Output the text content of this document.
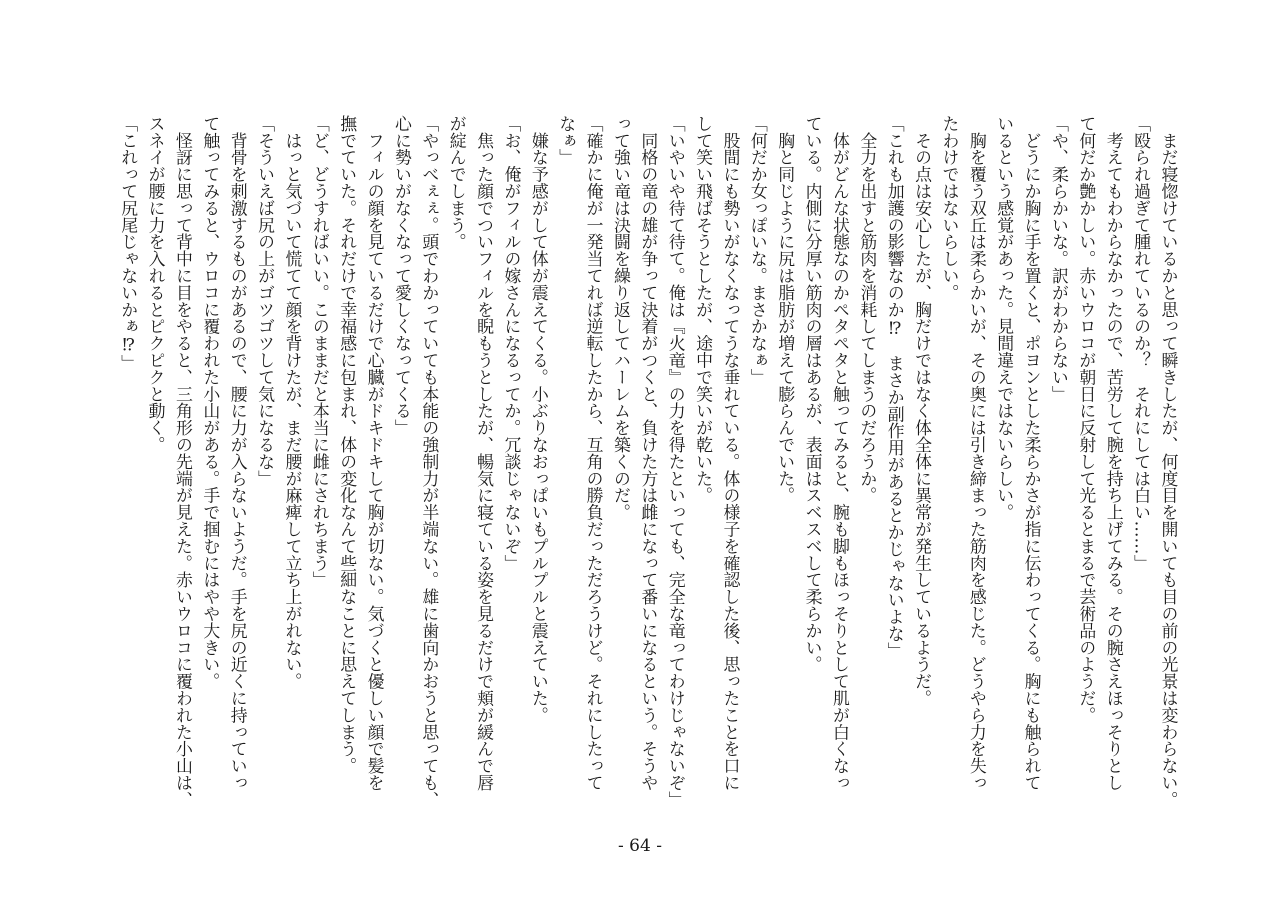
　まだ寝惚けているかと思って瞬きしたが、何度目を開いても目の前の光景は変わらない。
「殴られ過ぎて腫れているのか？　それにしては白い……」
　考えてもわからなかったので、苦労して腕を持ち上げてみる。その腕さえほっそりとし
て何だか艶かしい。赤いウロコが朝日に反射して光るとまるで芸術品のようだ。
「や、柔らかいな。訳がわからない」
　どうにか胸に手を置くと、ポヨンとした柔らかさが指に伝わってくる。胸にも触られて
いるという感覚があった。見間違えではないらしい。
　胸を覆う双丘は柔らかいが、その奥には引き締まった筋肉を感じた。どうやら力を失っ
たわけではないらしい。
　その点は安心したが、胸だけではなく体全体に異常が発生しているようだ。
「これも加護の影響なのか⁉　まさか副作用があるとかじゃないよな」
　全力を出すと筋肉を消耗してしまうのだろうか。
　体がどんな状態なのかペタペタと触ってみると、腕も脚もほっそりとして肌が白くなっ
ている。内側に分厚い筋肉の層はあるが、表面はスベスベして柔らかい。
　胸と同じように尻は脂肪が増えて膨らんでいた。
「何だか女っぽいな。まさかなぁ」
　股間にも勢いがなくなってうな垂れている。体の様子を確認した後、思ったことを口に
して笑い飛ばそうとしたが、途中で笑いが乾いた。
「いやいや待て待て。俺は『火竜』の力を得たといっても、完全な竜ってわけじゃないぞ」
　同格の竜の雄が争って決着がつくと、負けた方は雌になって番いになるという。そうや
って強い竜は決闘を繰り返してハーレムを築くのだ。
「確かに俺が一発当てれば逆転したから、互角の勝負だっただろうけど。それにしたって
なぁ」
　嫌な予感がして体が震えてくる。小ぶりなおっぱいもプルプルと震えていた。
「お、俺がフィルの嫁さんになるってか。冗談じゃないぞ」
　焦った顔でついフィルを睨もうとしたが、暢気に寝ている姿を見るだけで頬が緩んで唇
が綻んでしまう。
「やっべぇぇ。頭でわかっていても本能の強制力が半端ない。雄に歯向かおうと思っても、
心に勢いがなくなって愛しくなってくる」
　フィルの顔を見ているだけで心臓がドキドキして胸が切ない。気づくと優しい顔で髪を
撫でていた。それだけで幸福感に包まれ、体の変化なんて些細なことに思えてしまう。
「ど、どうすればいい。このままだと本当に雌にされちまう」
　はっと気づいて慌てて顔を背けたが、まだ腰が麻痺して立ち上がれない。
「そういえば尻の上がゴツゴツして気になるな」
　背骨を刺激するものがあるので、腰に力が入らないようだ。手を尻の近くに持っていっ
て触ってみると、ウロコに覆われた小山がある。手で掴むにはやや大きい。
　怪訝に思って背中に目をやると、三角形の先端が見えた。赤いウロコに覆われた小山は、
スネイが腰に力を入れるとピクピクと動く。
「これって尻尾じゃないかぁ⁉」
- 64 -
